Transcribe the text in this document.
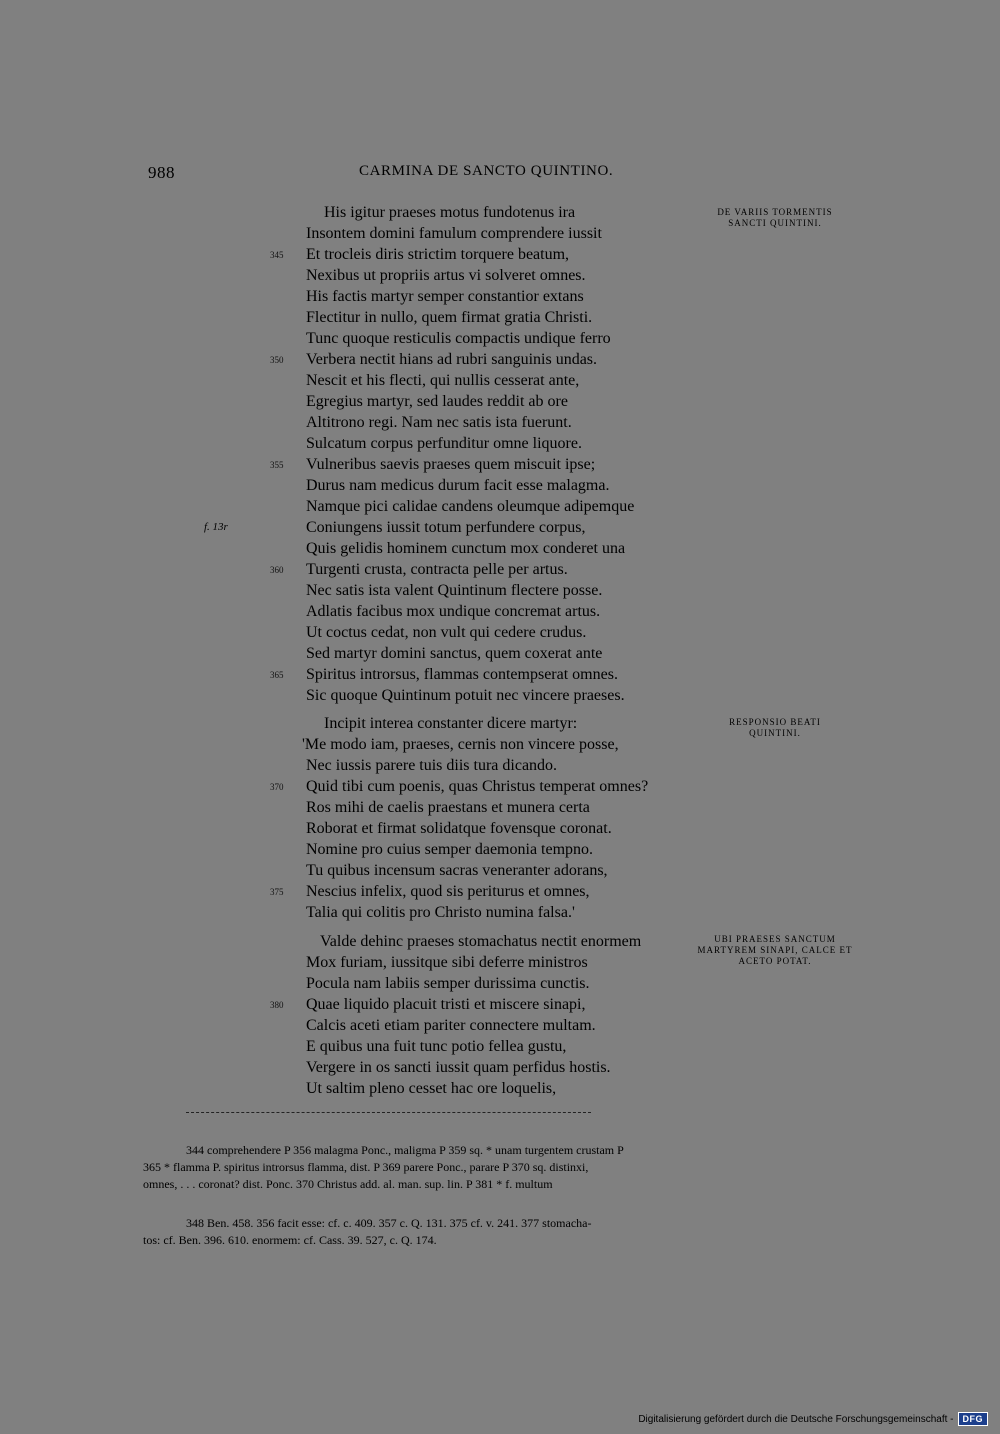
988	CARMINA DE SANCTO QUINTINO.
His igitur praeses motus fundotenus ira
Insontem domini famulum comprendere iussit
Et trocleis diris strictim torquere beatum,
Nexibus ut propriis artus vi solveret omnes.
His factis martyr semper constantior extans
Flectitur in nullo, quem firmat gratia Christi.
Tunc quoque resticulis compactis undique ferro
Verbera nectit hians ad rubri sanguinis undas.
Nescit et his flecti, qui nullis cesserat ante,
Egregius martyr, sed laudes reddit ab ore
Altitrono regi. Nam nec satis ista fuerunt.
Sulcatum corpus perfunditur omne liquore.
Vulneribus saevis praeses quem miscuit ipse;
Durus nam medicus durum facit esse malagma.
Namque pici calidae candens oleumque adipemque
Coniungens iussit totum perfundere corpus,
Quis gelidis hominem cunctum mox conderet una
Turgenti crusta, contracta pelle per artus.
Nec satis ista valent Quintinum flectere posse.
Adlatis facibus mox undique concremat artus.
Ut coctus cedat, non vult qui cedere crudus.
Sed martyr domini sanctus, quem coxerat ante
Spiritus introrsus, flammas contempserat omnes.
Sic quoque Quintinum potuit nec vincere praeses.
Incipit interea constanter dicere martyr:
'Me modo iam, praeses, cernis non vincere posse,
Nec iussis parere tuis diis tura dicando.
Quid tibi cum poenis, quas Christus temperat omnes?
Ros mihi de caelis praestans et munera certa
Roborat et firmat solidatque fovensque coronat.
Nomine pro cuius semper daemonia tempno.
Tu quibus incensum sacras veneranter adorans,
Nescius infelix, quod sis periturus et omnes,
Talia qui colitis pro Christo numina falsa.'
Valde dehinc praeses stomachatus nectit enormem
Mox furiam, iussitque sibi deferre ministros
Pocula nam labiis semper durissima cunctis.
Quae liquido placuit tristi et miscere sinapi,
Calcis aceti etiam pariter connectere multam.
E quibus una fuit tunc potio fellea gustu,
Vergere in os sancti iussit quam perfidus hostis.
Ut saltim pleno cesset hac ore loquelis,
345
350
355
360
365
370
375
380
f. 13r
DE VARIIS TORMENTIS SANCTI QUINTINI.
RESPONSIO BEATI QUINTINI.
UBI PRAESES SANCTUM MARTYREM SINAPI, CALCE ET ACETO POTAT.
344 comprehendere P 356 malagma Ponc., maligma P 359 sq. * unam turgentem crustam P
365 * flamma P. spiritus introrsus flamma, dist. P 369 parere Ponc., parare P 370 sq. distinxi,
omnes, . . . coronat? dist. Ponc. 370 Christus add. al. man. sup. lin. P 381 * f. multum
348 Ben. 458. 356 facit esse: cf. c. 409. 357 c. Q. 131. 375 cf. v. 241. 377 stomacha-
tos: cf. Ben. 396. 610. enormem: cf. Cass. 39. 527, c. Q. 174.
Digitalisierung gefördert durch die Deutsche Forschungsgemeinschaft -	DFG
